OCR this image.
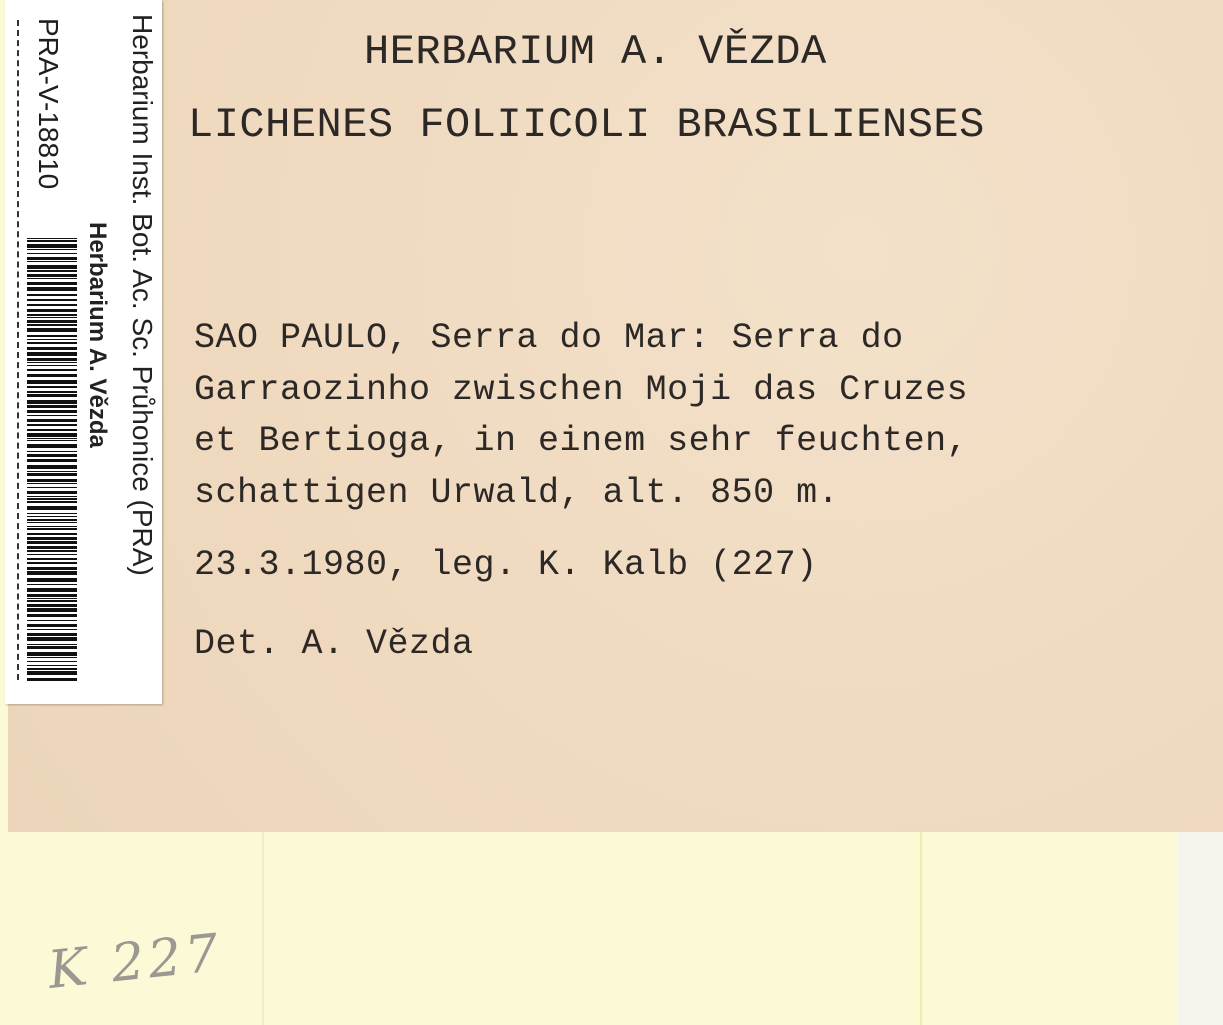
HERBARIUM A. VĚZDA
LICHENES FOLIICOLI BRASILIENSES
SAO PAULO, Serra do Mar: Serra do
Garraozinho zwischen Moji das Cruzes
et Bertioga, in einem sehr feuchten,
schattigen Urwald, alt. 850 m.
23.3.1980, leg. K. Kalb (227)
Det. A. Vězda
Herbarium Inst. Bot. Ac. Sc. Průhonice (PRA)
Herbarium A. Vězda
PRA-V-18810
K 227
